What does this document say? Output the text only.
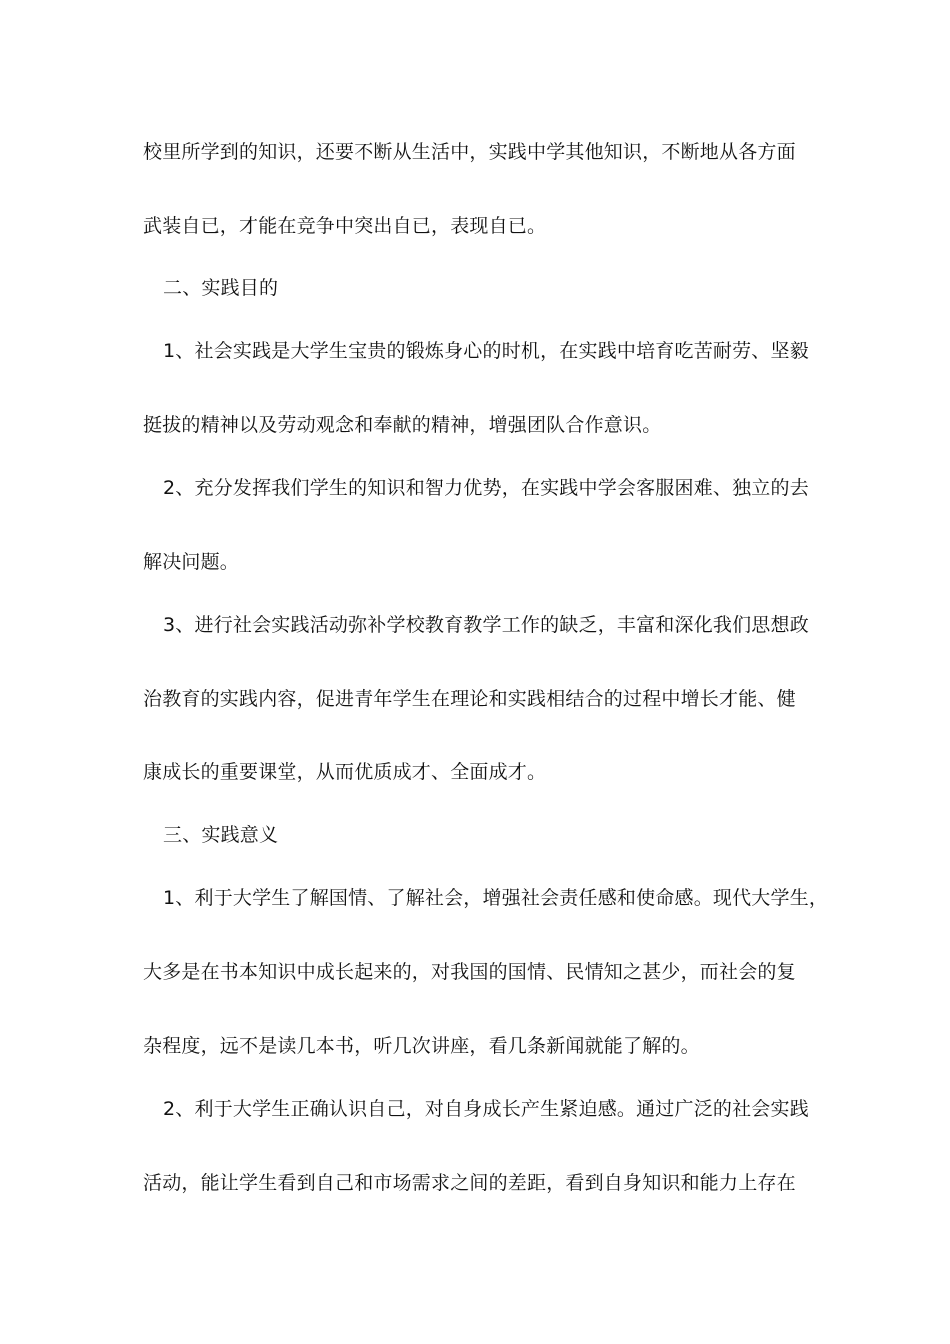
校里所学到的知识，还要不断从生活中，实践中学其他知识，不断地从各方面
武装自已，才能在竞争中突出自已，表现自已。
二、实践目的
1、社会实践是大学生宝贵的锻炼身心的时机，在实践中培育吃苦耐劳、坚毅
挺拔的精神以及劳动观念和奉献的精神，增强团队合作意识。
2、充分发挥我们学生的知识和智力优势，在实践中学会客服困难、独立的去
解决问题。
3、进行社会实践活动弥补学校教育教学工作的缺乏，丰富和深化我们思想政
治教育的实践内容，促进青年学生在理论和实践相结合的过程中增长才能、健
康成长的重要课堂，从而优质成才、全面成才。
三、实践意义
1、利于大学生了解国情、了解社会，增强社会责任感和使命感。现代大学生，
大多是在书本知识中成长起来的，对我国的国情、民情知之甚少，而社会的复
杂程度，远不是读几本书，听几次讲座，看几条新闻就能了解的。
2、利于大学生正确认识自己，对自身成长产生紧迫感。通过广泛的社会实践
活动，能让学生看到自己和市场需求之间的差距，看到自身知识和能力上存在
